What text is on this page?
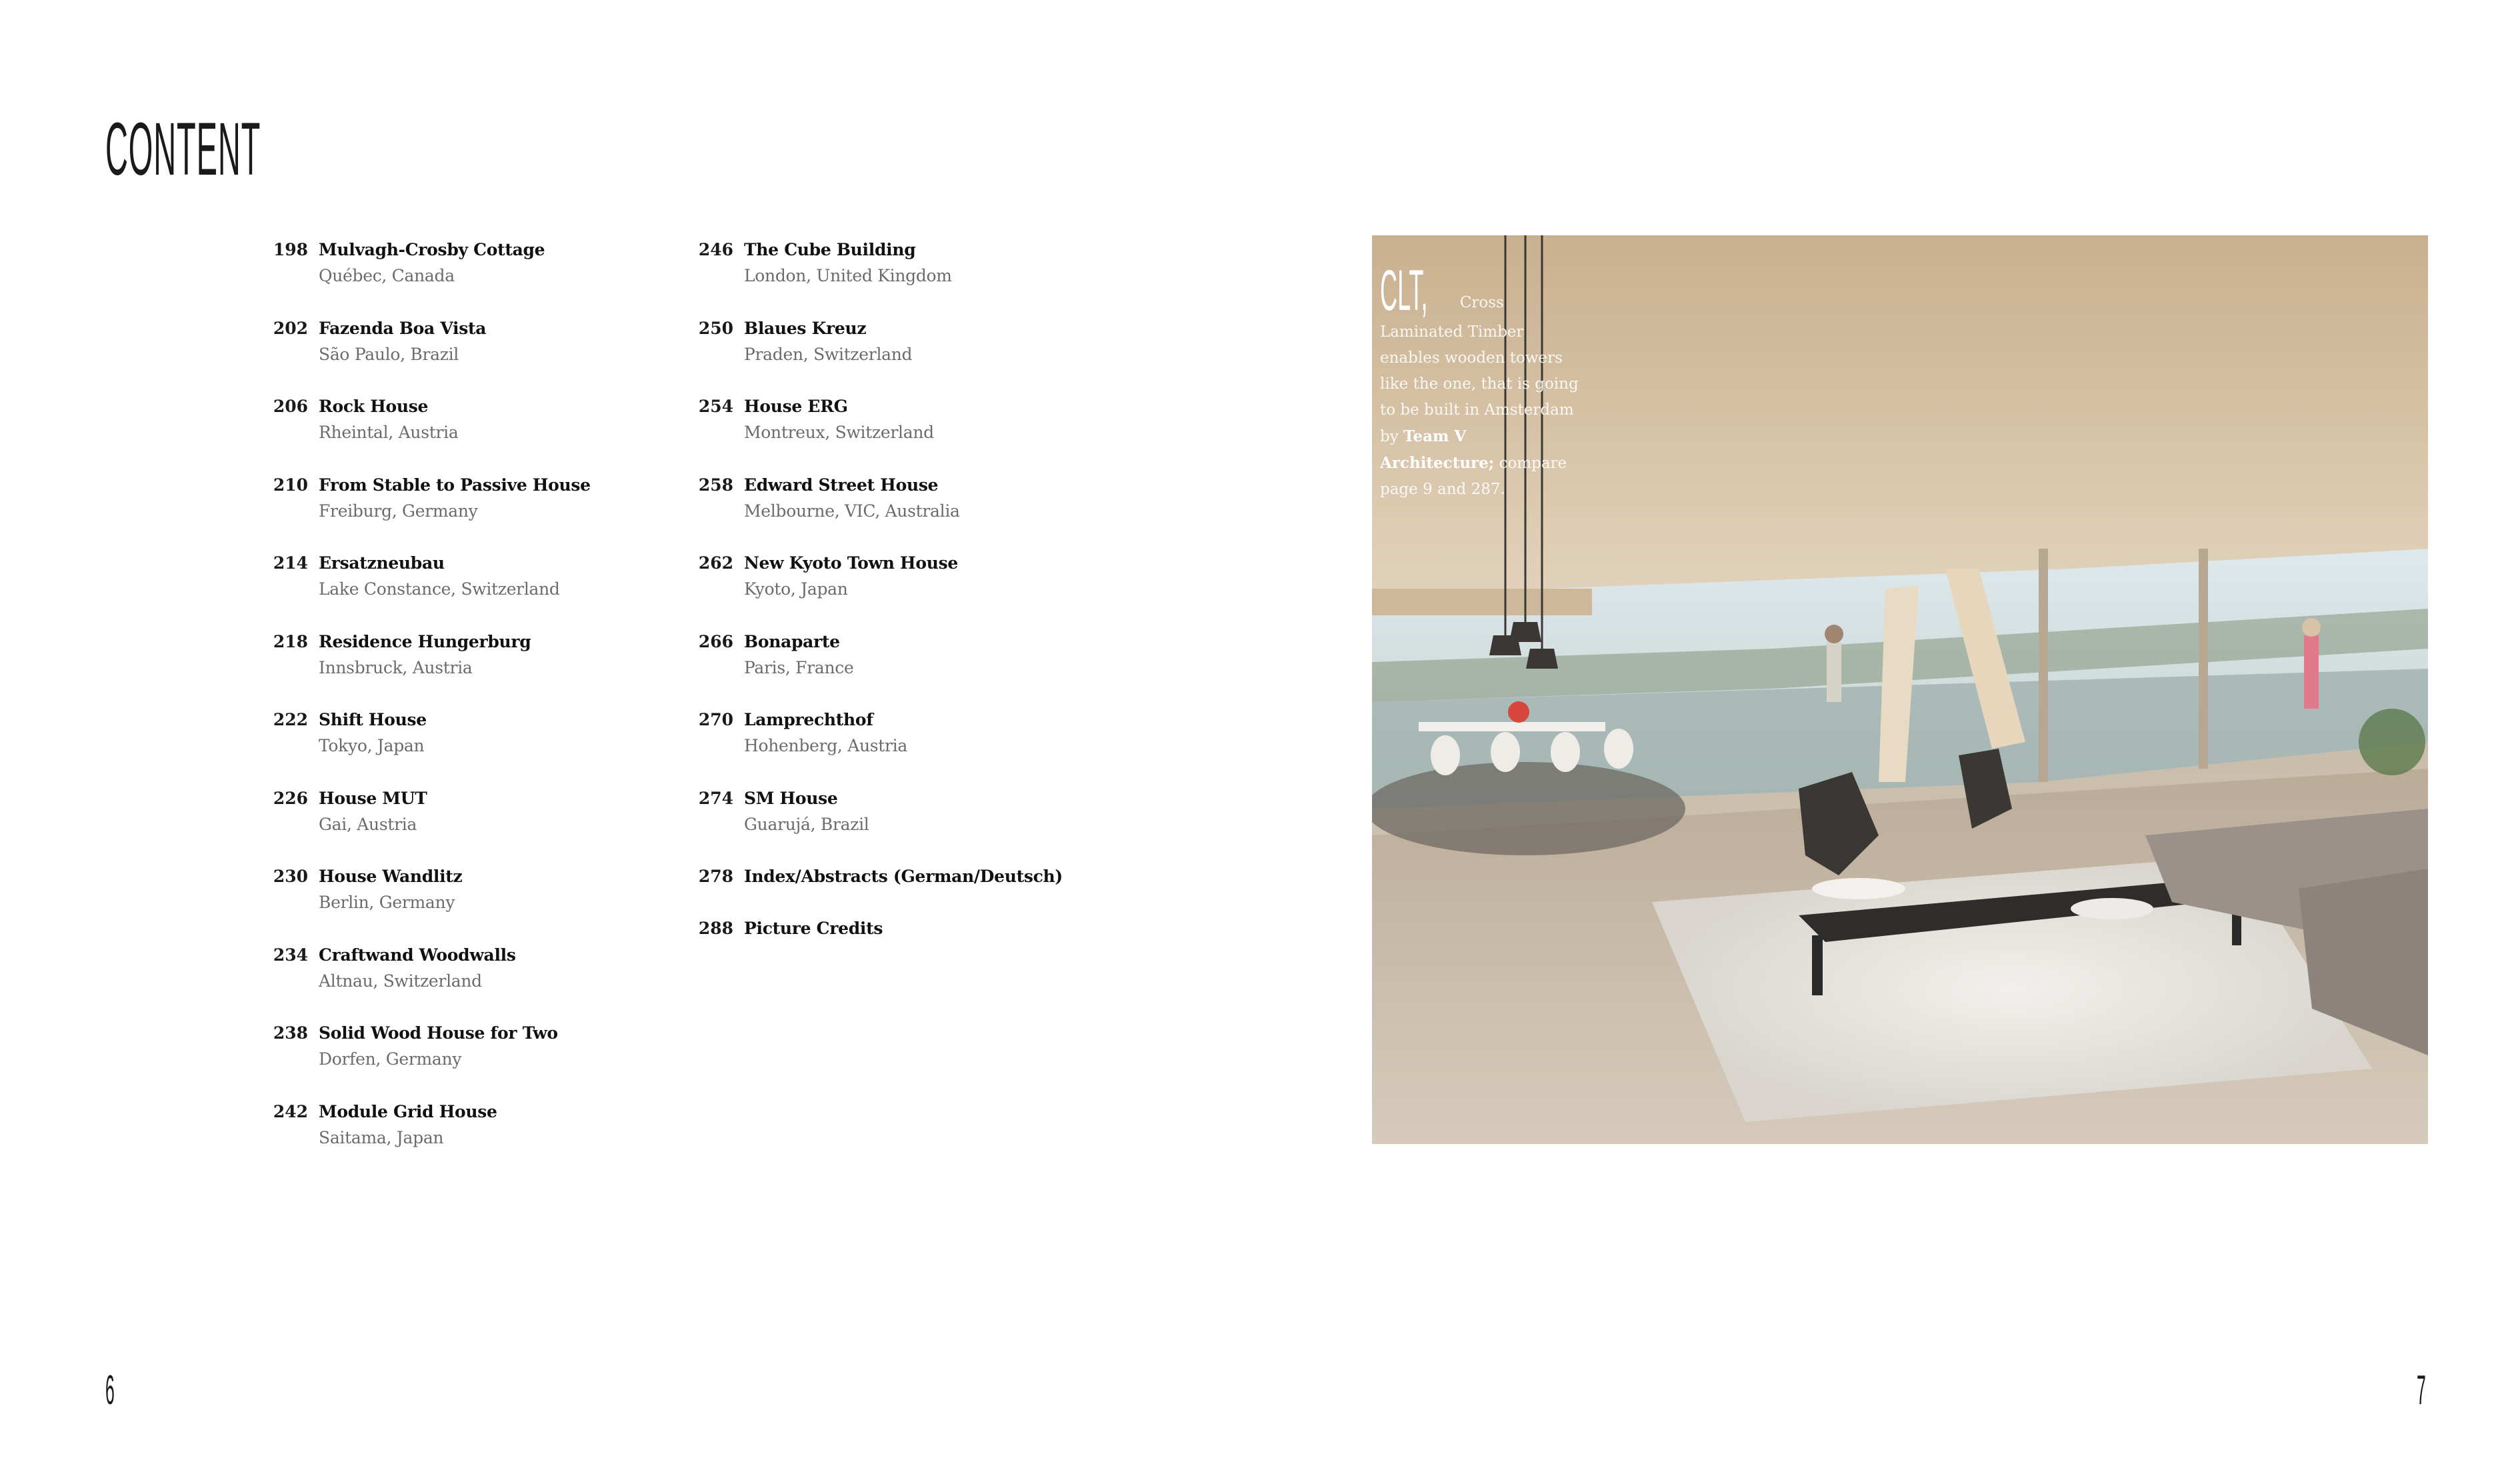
CONTENT
198 Mulvagh-Crosby Cottage
Québec, Canada
202 Fazenda Boa Vista
São Paulo, Brazil
206 Rock House
Rheintal, Austria
210 From Stable to Passive House
Freiburg, Germany
214 Ersatzneubau
Lake Constance, Switzerland
218 Residence Hungerburg
Innsbruck, Austria
222 Shift House
Tokyo, Japan
226 House MUT
Gai, Austria
230 House Wandlitz
Berlin, Germany
234 Craftwand Woodwalls
Altnau, Switzerland
238 Solid Wood House for Two
Dorfen, Germany
242 Module Grid House
Saitama, Japan
246 The Cube Building
London, United Kingdom
250 Blaues Kreuz
Praden, Switzerland
254 House ERG
Montreux, Switzerland
258 Edward Street House
Melbourne, VIC, Australia
262 New Kyoto Town House
Kyoto, Japan
266 Bonaparte
Paris, France
270 Lamprechthof
Hohenberg, Austria
274 SM House
Guarujá, Brazil
278 Index/Abstracts (German/Deutsch)
288 Picture Credits
CLT, Cross Laminated Timber enables wooden towers like the one, that is going to be built in Amsterdam by Team V Architecture; compare page 9 and 287.
6	7
